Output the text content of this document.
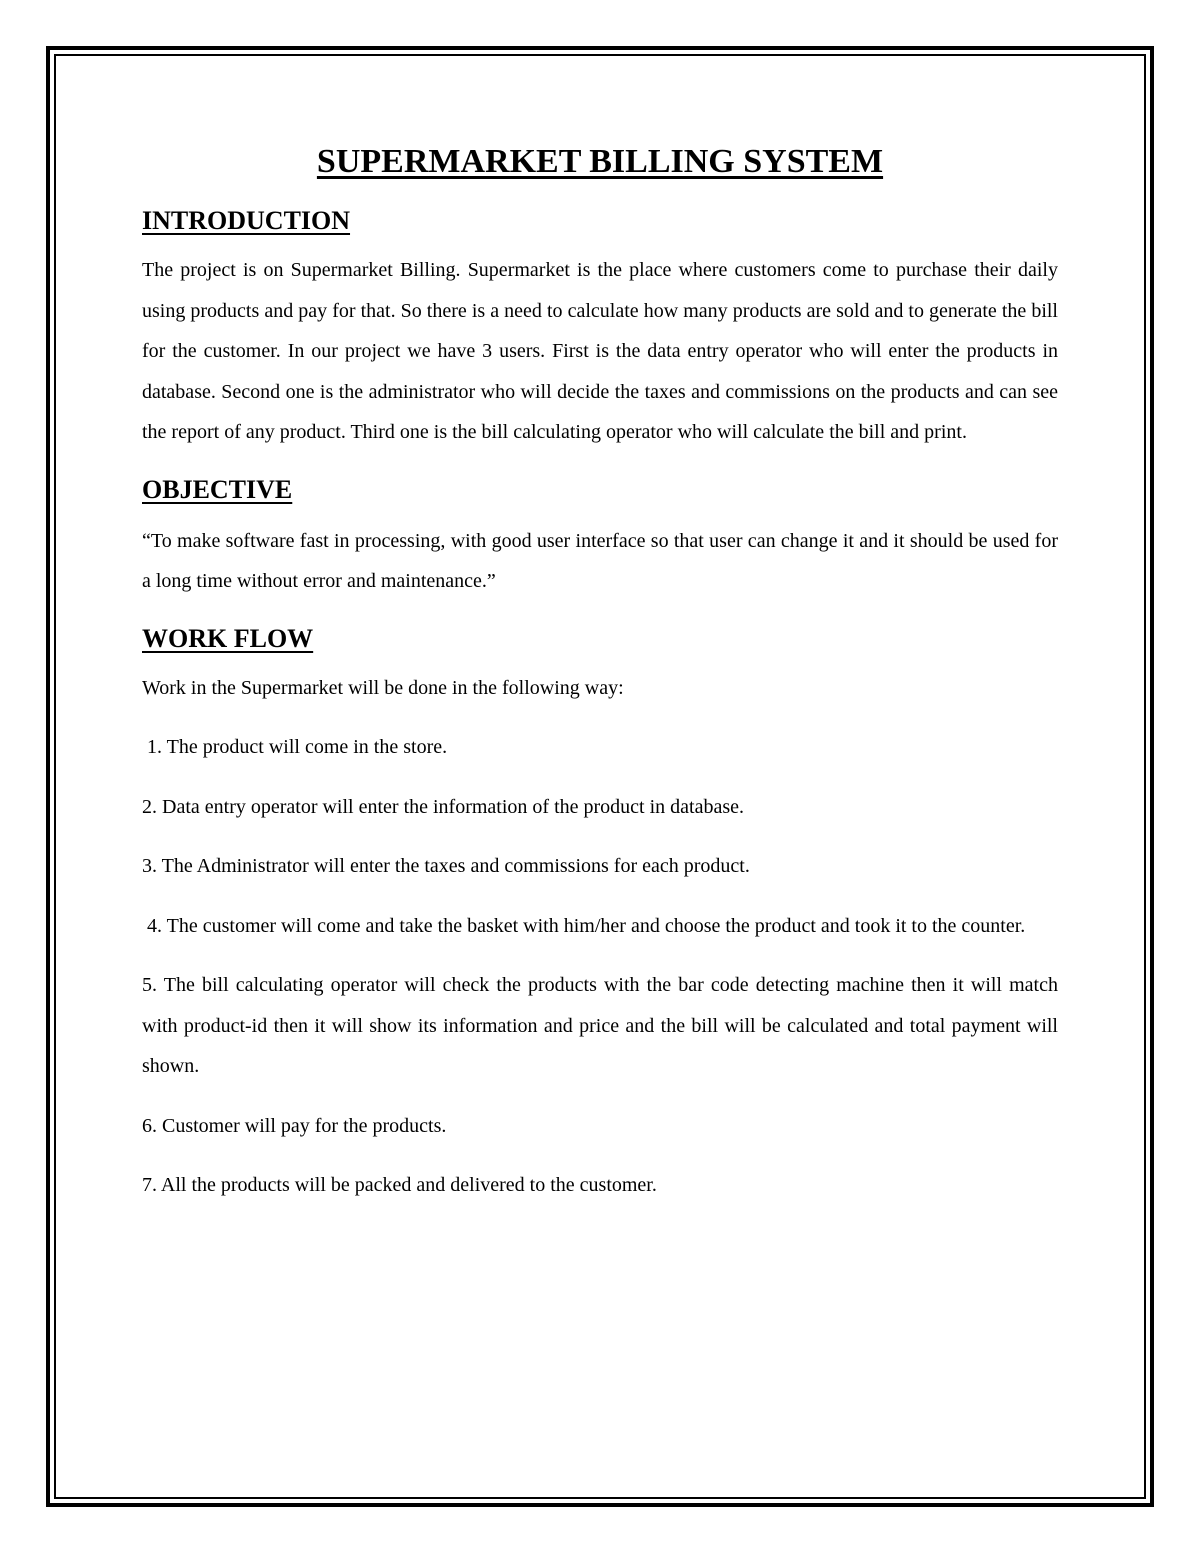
SUPERMARKET BILLING SYSTEM
INTRODUCTION

The project is on Supermarket Billing. Supermarket is the place where customers come to purchase their daily using products and pay for that. So there is a need to calculate how many products are sold and to generate the bill for the customer. In our project we have 3 users. First is the data entry operator who will enter the products in database. Second one is the administrator who will decide the taxes and commissions on the products and can see the report of any product. Third one is the bill calculating operator who will calculate the bill and print.

OBJECTIVE

“To make software fast in processing, with good user interface so that user can change it and it should be used for a long time without error and maintenance.”

WORK FLOW

Work in the Supermarket will be done in the following way:

1. The product will come in the store.

2. Data entry operator will enter the information of the product in database.

3. The Administrator will enter the taxes and commissions for each product.

4. The customer will come and take the basket with him/her and choose the product and took it to the counter.

5. The bill calculating operator will check the products with the bar code detecting machine then it will match with product-id then it will show its information and price and the bill will be calculated and total payment will shown.

6. Customer will pay for the products.

7. All the products will be packed and delivered to the customer.
